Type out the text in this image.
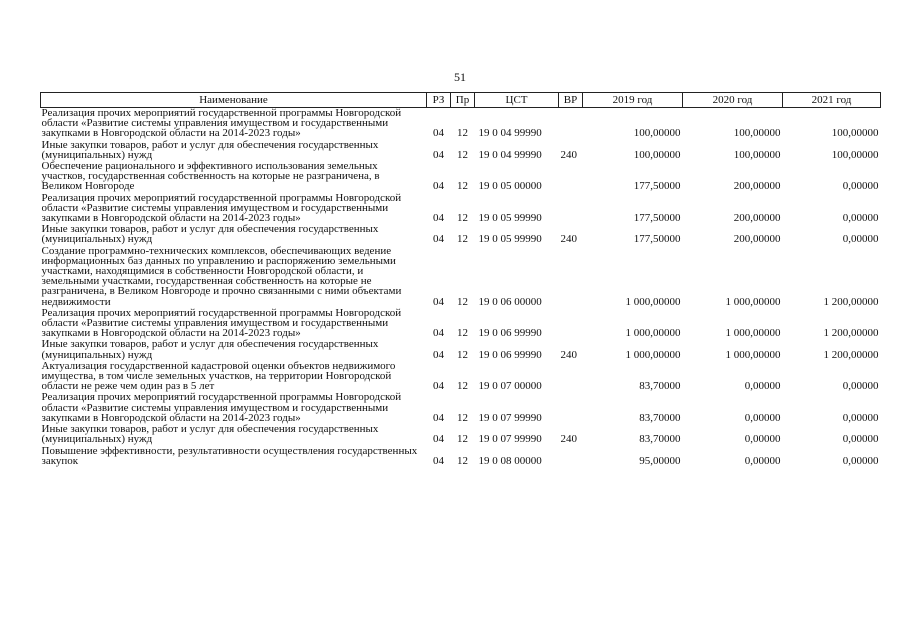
51
Наименование	РЗ	Пр	ЦСТ	ВР	2019 год	2020 год	2021 год
Реализация прочих мероприятий государственной программы Новгородской области «Развитие системы управления имуществом и государственными закупками в Новгородской области на 2014-2023 годы»	04	12	19 0 04 99990		100,00000	100,00000	100,00000
Иные закупки товаров, работ и услуг для обеспечения государственных (муниципальных) нужд	04	12	19 0 04 99990	240	100,00000	100,00000	100,00000
Обеспечение рационального и эффективного использования земельных участков, государственная собственность на которые не разграничена, в Великом Новгороде	04	12	19 0 05 00000		177,50000	200,00000	0,00000
Реализация прочих мероприятий государственной программы Новгородской области «Развитие системы управления имуществом и государственными закупками в Новгородской области на 2014-2023 годы»	04	12	19 0 05 99990		177,50000	200,00000	0,00000
Иные закупки товаров, работ и услуг для обеспечения государственных (муниципальных) нужд	04	12	19 0 05 99990	240	177,50000	200,00000	0,00000
Создание программно-технических комплексов, обеспечивающих ведение информационных баз данных по управлению и распоряжению земельными участками, находящимися в собственности Новгородской области, и земельными участками, государственная собственность на которые не разграничена, в Великом Новгороде и прочно связанными с ними объектами недвижимости	04	12	19 0 06 00000		1 000,00000	1 000,00000	1 200,00000
Реализация прочих мероприятий государственной программы Новгородской области «Развитие системы управления имуществом и государственными закупками в Новгородской области на 2014-2023 годы»	04	12	19 0 06 99990		1 000,00000	1 000,00000	1 200,00000
Иные закупки товаров, работ и услуг для обеспечения государственных (муниципальных) нужд	04	12	19 0 06 99990	240	1 000,00000	1 000,00000	1 200,00000
Актуализация государственной кадастровой оценки объектов недвижимого имущества, в том числе земельных участков, на территории Новгородской области не реже чем один раз в 5 лет	04	12	19 0 07 00000		83,70000	0,00000	0,00000
Реализация прочих мероприятий государственной программы Новгородской области «Развитие системы управления имуществом и государственными закупками в Новгородской области на 2014-2023 годы»	04	12	19 0 07 99990		83,70000	0,00000	0,00000
Иные закупки товаров, работ и услуг для обеспечения государственных (муниципальных) нужд	04	12	19 0 07 99990	240	83,70000	0,00000	0,00000
Повышение эффективности, результативности осуществления государственных закупок	04	12	19 0 08 00000		95,00000	0,00000	0,00000
